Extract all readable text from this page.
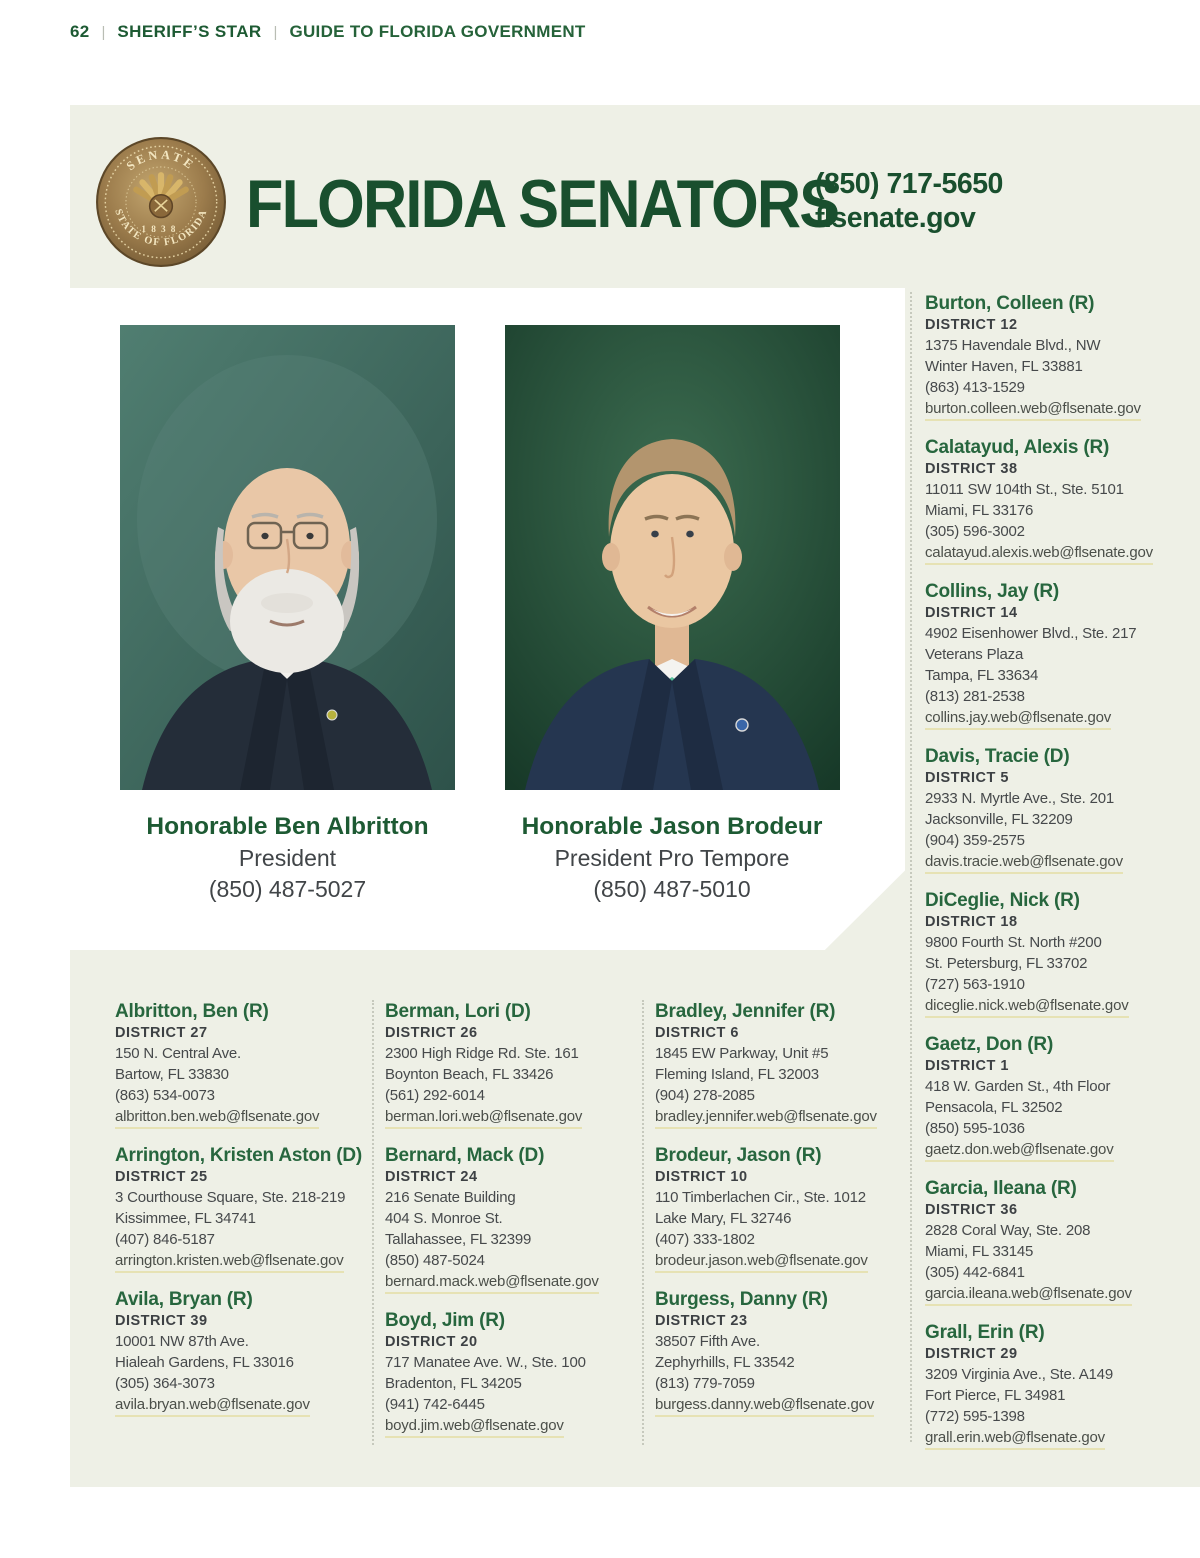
62 | SHERIFF’S STAR | GUIDE TO FLORIDA GOVERNMENT
SENATE
STATE OF FLORIDA
1838 FLORIDA SENATORS
(850) 717-5650
flsenate.gov
Honorable Ben Albritton
President
(850) 487-5027
Honorable Jason Brodeur
President Pro Tempore
(850) 487-5010
Burton, Colleen (R)
DISTRICT 12
1375 Havendale Blvd., NW
Winter Haven, FL 33881
(863) 413-1529
burton.colleen.web@flsenate.gov
Calatayud, Alexis (R)
DISTRICT 38
11011 SW 104th St., Ste. 5101
Miami, FL 33176
(305) 596-3002
calatayud.alexis.web@flsenate.gov
Collins, Jay (R)
DISTRICT 14
4902 Eisenhower Blvd., Ste. 217
Veterans Plaza
Tampa, FL 33634
(813) 281-2538
collins.jay.web@flsenate.gov
Davis, Tracie (D)
DISTRICT 5
2933 N. Myrtle Ave., Ste. 201
Jacksonville, FL 32209
(904) 359-2575
davis.tracie.web@flsenate.gov
DiCeglie, Nick (R)
DISTRICT 18
9800 Fourth St. North #200
St. Petersburg, FL 33702
(727) 563-1910
diceglie.nick.web@flsenate.gov
Gaetz, Don (R)
DISTRICT 1
418 W. Garden St., 4th Floor
Pensacola, FL 32502
(850) 595-1036
gaetz.don.web@flsenate.gov
Garcia, Ileana (R)
DISTRICT 36
2828 Coral Way, Ste. 208
Miami, FL 33145
(305) 442-6841
garcia.ileana.web@flsenate.gov
Grall, Erin (R)
DISTRICT 29
3209 Virginia Ave., Ste. A149
Fort Pierce, FL 34981
(772) 595-1398
grall.erin.web@flsenate.gov
Albritton, Ben (R)
DISTRICT 27
150 N. Central Ave.
Bartow, FL 33830
(863) 534-0073
albritton.ben.web@flsenate.gov
Arrington, Kristen Aston (D)
DISTRICT 25
3 Courthouse Square, Ste. 218-219
Kissimmee, FL 34741
(407) 846-5187
arrington.kristen.web@flsenate.gov
Avila, Bryan (R)
DISTRICT 39
10001 NW 87th Ave.
Hialeah Gardens, FL 33016
(305) 364-3073
avila.bryan.web@flsenate.gov
Berman, Lori (D)
DISTRICT 26
2300 High Ridge Rd. Ste. 161
Boynton Beach, FL 33426
(561) 292-6014
berman.lori.web@flsenate.gov
Bernard, Mack (D)
DISTRICT 24
216 Senate Building
404 S. Monroe St.
Tallahassee, FL 32399
(850) 487-5024
bernard.mack.web@flsenate.gov
Boyd, Jim (R)
DISTRICT 20
717 Manatee Ave. W., Ste. 100
Bradenton, FL 34205
(941) 742-6445
boyd.jim.web@flsenate.gov
Bradley, Jennifer (R)
DISTRICT 6
1845 EW Parkway, Unit #5
Fleming Island, FL 32003
(904) 278-2085
bradley.jennifer.web@flsenate.gov
Brodeur, Jason (R)
DISTRICT 10
110 Timberlachen Cir., Ste. 1012
Lake Mary, FL 32746
(407) 333-1802
brodeur.jason.web@flsenate.gov
Burgess, Danny (R)
DISTRICT 23
38507 Fifth Ave.
Zephyrhills, FL 33542
(813) 779-7059
burgess.danny.web@flsenate.gov
